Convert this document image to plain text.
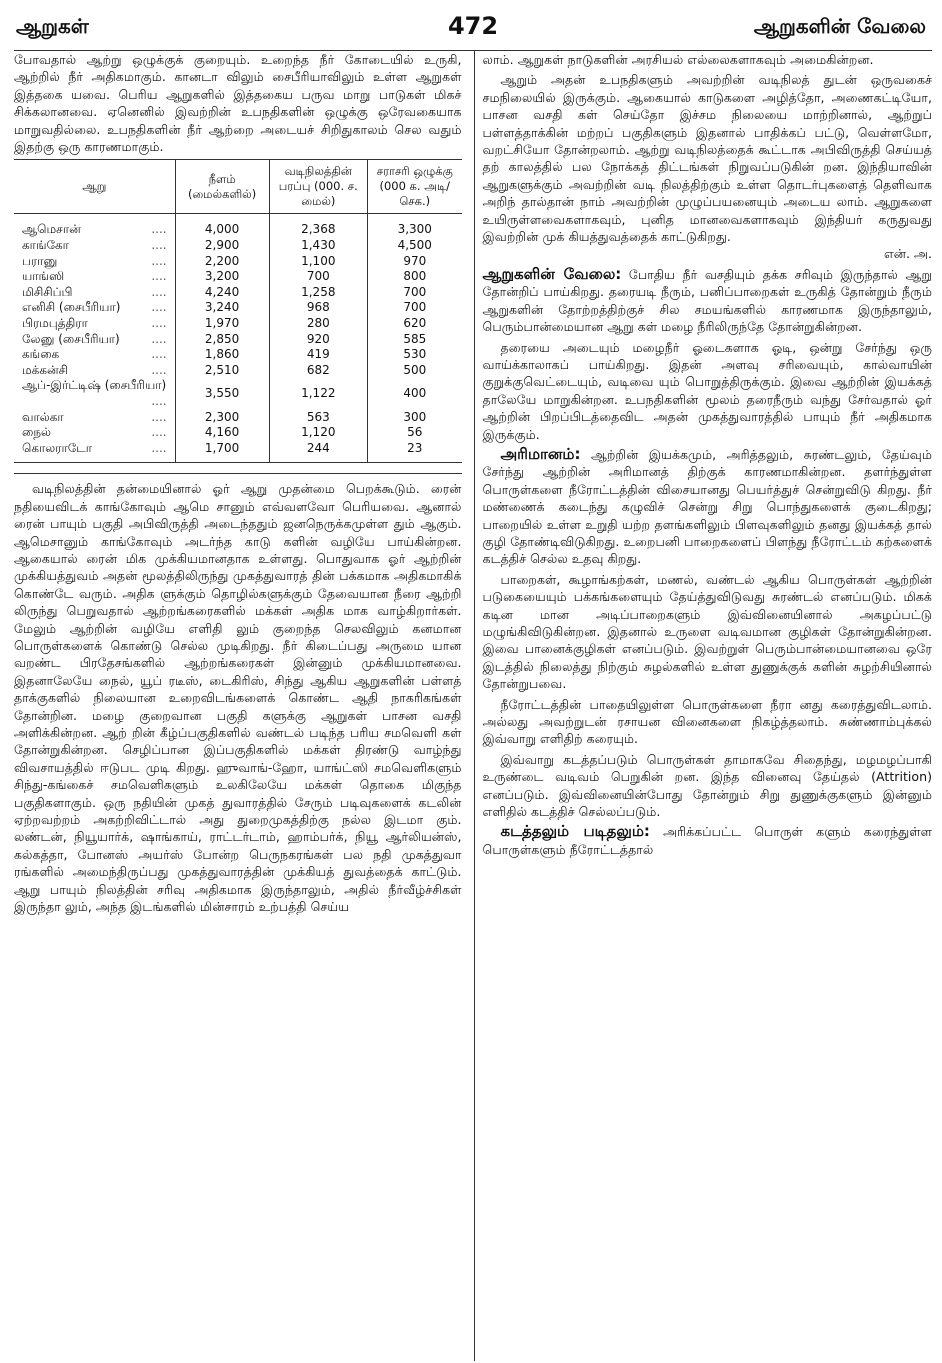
ஆறுகள்	472	ஆறுகளின் வேலை

போவதால் ஆற்று ஒழுக்குக் குறையும். உறைந்த நீர் கோடையில் உருகி, ஆற்றில் நீர் அதிகமாகும். கானடா விலும் சைபீரியாவிலும் உள்ள ஆறுகள் இத்தகை யவை. பெரிய ஆறுகளில் இத்தகைய பருவ மாறு பாடுகள் மிகச் சிக்கலானவை. ஏனெனில் இவற்றின் உபநதிகளின் ஒழுக்கு ஒரேவகையாக மாறுவதில்லை. உபநதிகளின் நீர் ஆற்றை அடையச் சிறிதுகாலம் செல வதும் இதற்கு ஒரு காரணமாகும்.

ஆறு	நீளம் (மைல்களில்)	வடிநிலத்தின் பரப்பு (000. ச. மைல்)	சராசரி ஒழுக்கு (000 க. அடி/செக.)
ஆமெசான் ....	4,000	2,368	3,300
காங்கோ ....	2,900	1,430	4,500
பரானு ....	2,200	1,100	970
யாங்ஸி ....	3,200	700	800
மிசிசிப்பி ....	4,240	1,258	700
எனிசி (சைபீரியா) ....	3,240	968	700
பிரமபுத்திரா ....	1,970	280	620
லேனு (சைபீரியா) ....	2,850	920	585
கங்கை ....	1,860	419	530
மக்கன்சி ....	2,510	682	500
ஆப்-இர்ட்டிஷ் (சைபீரியா)
....	3,550	1,122	400
வால்கா ....	2,300	563	300
நைல் ....	4,160	1,120	56
கொலராடோ ....	1,700	244	23

வடிநிலத்தின் தன்மையினால் ஓர் ஆறு முதன்மை பெறக்கூடும். ரைன் நதியைவிடக் காங்கோவும் ஆமெ சானும் எவ்வளவோ பெரியவை. ஆனால் ரைன் பாயும் பகுதி அபிவிருத்தி அடைந்ததும் ஜனநெருக்கமுள்ள தும் ஆகும். ஆமெசானும் காங்கோவும் அடர்ந்த காடு களின் வழியே பாய்கின்றன. ஆகையால் ரைன் மிக முக்கியமானதாக உள்ளது. பொதுவாக ஓர் ஆற்றின் முக்கியத்துவம் அதன் மூலத்திலிருந்து முகத்துவாரத் தின் பக்கமாக அதிகமாகிக் கொண்டே வரும். அதிக ளுக்கும் தொழில்களுக்கும் தேவையான நீரை ஆற்றி லிருந்து பெறுவதால் ஆற்றங்கரைகளில் மக்கள் அதிக மாக வாழ்கிறார்கள். மேலும் ஆற்றின் வழியே எளிதி லும் குறைந்த செலவிலும் கனமான பொருள்களைக் கொண்டு செல்ல முடிகிறது. நீர் கிடைப்பது அருமை யான வறண்ட பிரதேசங்களில் ஆற்றங்கரைகள் இன்னும் முக்கியமானவை. இதனாலேயே நைல், யூப் ரடீஸ், டைகிரிஸ், சிந்து ஆகிய ஆறுகளின் பள்ளத் தாக்குகளில் நிலையான உறைவிடங்களைக் கொண்ட ஆதி நாகரிகங்கள் தோன்றின. மழை குறைவான பகுதி களுக்கு ஆறுகள் பாசன வசதி அளிக்கின்றன. ஆற் றின் கீழ்ப்பகுதிகளில் வண்டல் படிந்த பரிய சமவெளி கள் தோன்றுகின்றன. செழிப்பான இப்பகுதிகளில் மக்கள் திரண்டு வாழ்ந்து விவசாயத்தில் ஈடுபட முடி கிறது. ஹுவாங்-ஹோ, யாங்ட்ஸி சமவெளிகளும் சிந்து-கங்கைச் சமவெளிகளும் உலகிலேயே மக்கள் தொகை மிகுந்த பகுதிகளாகும். ஒரு நதியின் முகத் துவாரத்தில் சேரும் படிவுகளைக் கடலின் ஏற்றவற்றம் அகற்றிவிட்டால் அது துறைமுகத்திற்கு நல்ல இடமா கும். லண்டன், நியூயார்க், ஷாங்காய், ராட்டர்டாம், ஹாம்பர்க், நியூ ஆர்லியன்ஸ், கல்கத்தா, போனஸ் அயர்ஸ் போன்ற பெருநகரங்கள் பல நதி முகத்துவா ரங்களில் அமைந்திருப்பது முகத்துவாரத்தின் முக்கியத் துவத்தைக் காட்டும். ஆறு பாயும் நிலத்தின் சரிவு அதிகமாக இருந்தாலும், அதில் நீர்வீழ்ச்சிகள் இருந்தா லும், அந்த இடங்களில் மின்சாரம் உற்பத்தி செய்ய

லாம். ஆறுகள் நாடுகளின் அரசியல் எல்லைகளாகவும் அமைகின்றன.

ஆறும் அதன் உபநதிகளும் அவற்றின் வடிநிலத் துடன் ஒருவகைச் சமநிலையில் இருக்கும். ஆகையால் காடுகளை அழித்தோ, அணைகட்டியோ, பாசன வசதி கள் செய்தோ இச்சம நிலையை மாற்றினால், ஆற்றுப் பள்ளத்தாக்கின் மற்றப் பகுதிகளும் இதனால் பாதிக்கப் பட்டு, வெள்ளமோ, வறட்சியோ தோன்றலாம். ஆற்று வடிநிலத்தைக் கூட்டாக அபிவிருத்தி செய்யத் தற் காலத்தில் பல நோக்கத் திட்டங்கள் நிறுவப்படுகின் றன. இந்தியாவின் ஆறுகளுக்கும் அவற்றின் வடி நிலத்திற்கும் உள்ள தொடர்புகளைத் தெளிவாக அறிந் தால்தான் நாம் அவற்றின் முழுப்பயனையும் அடைய லாம். ஆறுகளை உயிருள்ளவைகளாகவும், புனித மானவைகளாகவும் இந்தியர் கருதுவது இவற்றின் முக் கியத்துவத்தைக் காட்டுகிறது.
என். அ.

ஆறுகளின் வேலை: போதிய நீர் வசதியும் தக்க சரிவும் இருந்தால் ஆறு தோன்றிப் பாய்கிறது. தரையடி நீரும், பனிப்பாறைகள் உருகித் தோன்றும் நீரும் ஆறுகளின் தோற்றத்திற்குச் சில சமயங்களில் காரணமாக இருந்தாலும், பெரும்பான்மையான ஆறு கள் மழை நீரிலிருந்தே தோன்றுகின்றன.

தரையை அடையும் மழைநீர் ஓடைகளாக ஓடி, ஒன்று சேர்ந்து ஒரு வாய்க்காலாகப் பாய்கிறது. இதன் அளவு சரிவையும், கால்வாயின் குறுக்குவெட்டையும், வடிவை யும் பொறுத்திருக்கும். இவை ஆற்றின் இயக்கத் தாலேயே மாறுகின்றன. உபநதிகளின் மூலம் தரைநீரும் வந்து சேர்வதால் ஓர் ஆற்றின் பிறப்பிடத்தைவிட அதன் முகத்துவாரத்தில் பாயும் நீர் அதிகமாக இருக்கும்.

அரிமானம்: ஆற்றின் இயக்கமும், அரித்தலும், சுரண்டலும், தேய்வும் சேர்ந்து ஆற்றின் அரிமானத் திற்குக் காரணமாகின்றன. தளர்ந்துள்ள பொருள்களை நீரோட்டத்தின் விசையானது பெயர்த்துச் சென்றுவிடு கிறது. நீர் மண்ணைக் கடைந்து கழுவிச் சென்று சிறு பொந்துகளைக் குடைகிறது; பாறையில் உள்ள உறுதி யற்ற தளங்களிலும் பிளவுகளிலும் தனது இயக்கத் தால் குழி தோண்டிவிடுகிறது. உறைபனி பாறைகளைப் பிளந்து நீரோட்டம் கற்களைக் கடத்திச் செல்ல உதவு கிறது.

பாறைகள், கூழாங்கற்கள், மணல், வண்டல் ஆகிய பொருள்கள் ஆற்றின் படுகையையும் பக்கங்களையும் தேய்த்துவிடுவது சுரண்டல் எனப்படும். மிகக் கடின மான அடிப்பாறைகளும் இவ்வினையினால் அகழப்பட்டு மழுங்கிவிடுகின்றன. இதனால் உருளை வடிவமான குழிகள் தோன்றுகின்றன. இவை பானைக்குழிகள் எனப்படும். இவற்றுள் பெரும்பான்மையானவை ஒரே இடத்தில் நிலைத்து நிற்கும் சுழல்களில் உள்ள துணுக்குக் களின் சுழற்சியினால் தோன்றுபவை.

நீரோட்டத்தின் பாதையிலுள்ள பொருள்களை நீரா னது கரைத்துவிடலாம். அல்லது அவற்றுடன் ரசாயன வினைகளை நிகழ்த்தலாம். சுண்ணாம்புக்கல் இவ்வாறு எளிதிற் கரையும்.

இவ்வாறு கடத்தப்படும் பொருள்கள் தாமாகவே சிதைந்து, மழமழப்பாகி உருண்டை வடிவம் பெறுகின் றன. இந்த வினைவு தேய்தல் (Attrition) எனப்படும். இவ்வினையின்போது தோன்றும் சிறு துணுக்குகளும் இன்னும் எளிதில் கடத்திச் செல்லப்படும்.

கடத்தலும் படிதலும்: அரிக்கப்பட்ட பொருள் களும் கரைந்துள்ள பொருள்களும் நீரோட்டத்தால்
